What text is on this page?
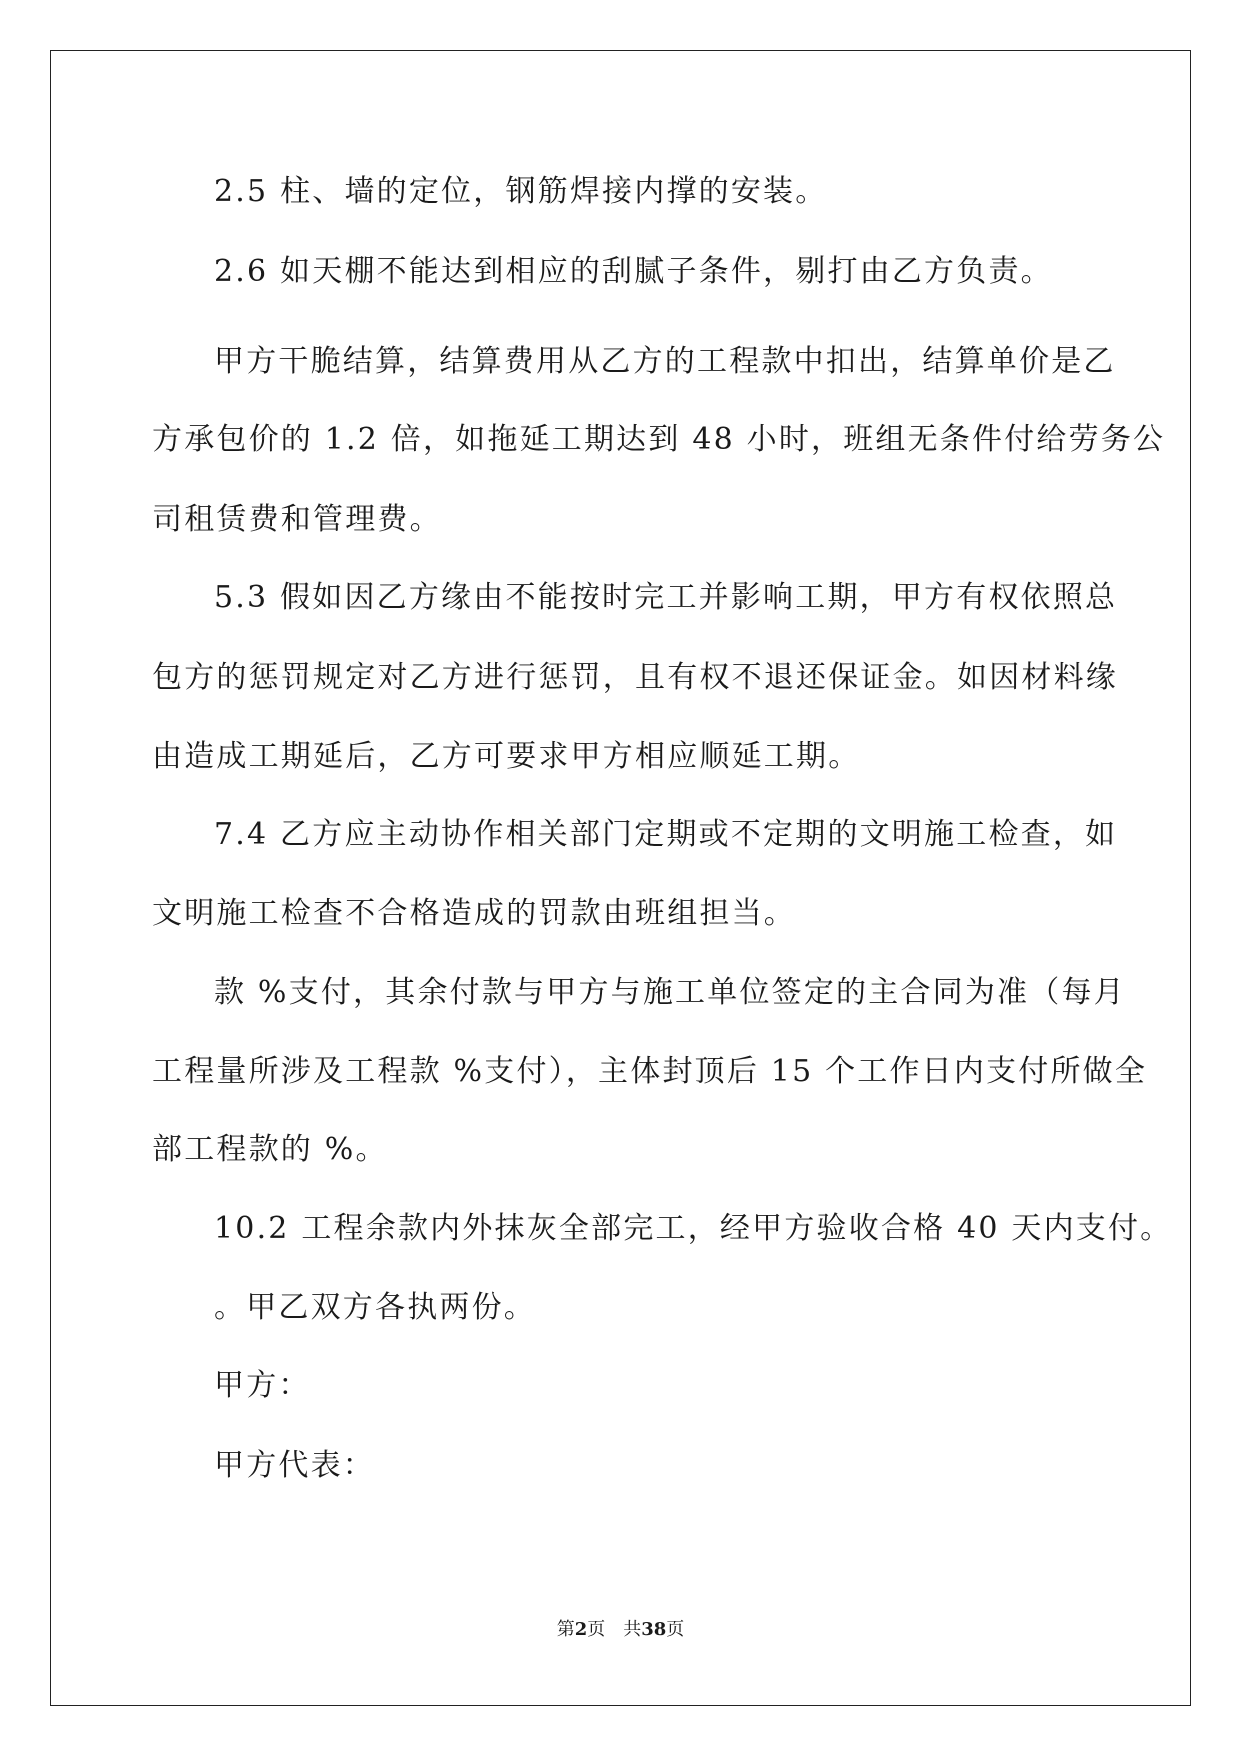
2.5 柱、墙的定位，钢筋焊接内撑的安装。
2.6 如天棚不能达到相应的刮腻子条件，剔打由乙方负责。
甲方干脆结算，结算费用从乙方的工程款中扣出，结算单价是乙
方承包价的 1.2 倍，如拖延工期达到 48 小时，班组无条件付给劳务公
司租赁费和管理费。
5.3 假如因乙方缘由不能按时完工并影响工期，甲方有权依照总
包方的惩罚规定对乙方进行惩罚，且有权不退还保证金。如因材料缘
由造成工期延后，乙方可要求甲方相应顺延工期。
7.4 乙方应主动协作相关部门定期或不定期的文明施工检查，如
文明施工检查不合格造成的罚款由班组担当。
款 %支付，其余付款与甲方与施工单位签定的主合同为准（每月
工程量所涉及工程款 %支付），主体封顶后 15 个工作日内支付所做全
部工程款的 %。
10.2 工程余款内外抹灰全部完工，经甲方验收合格 40 天内支付。
。甲乙双方各执两份。
甲方：
甲方代表：
第2页　共38页
